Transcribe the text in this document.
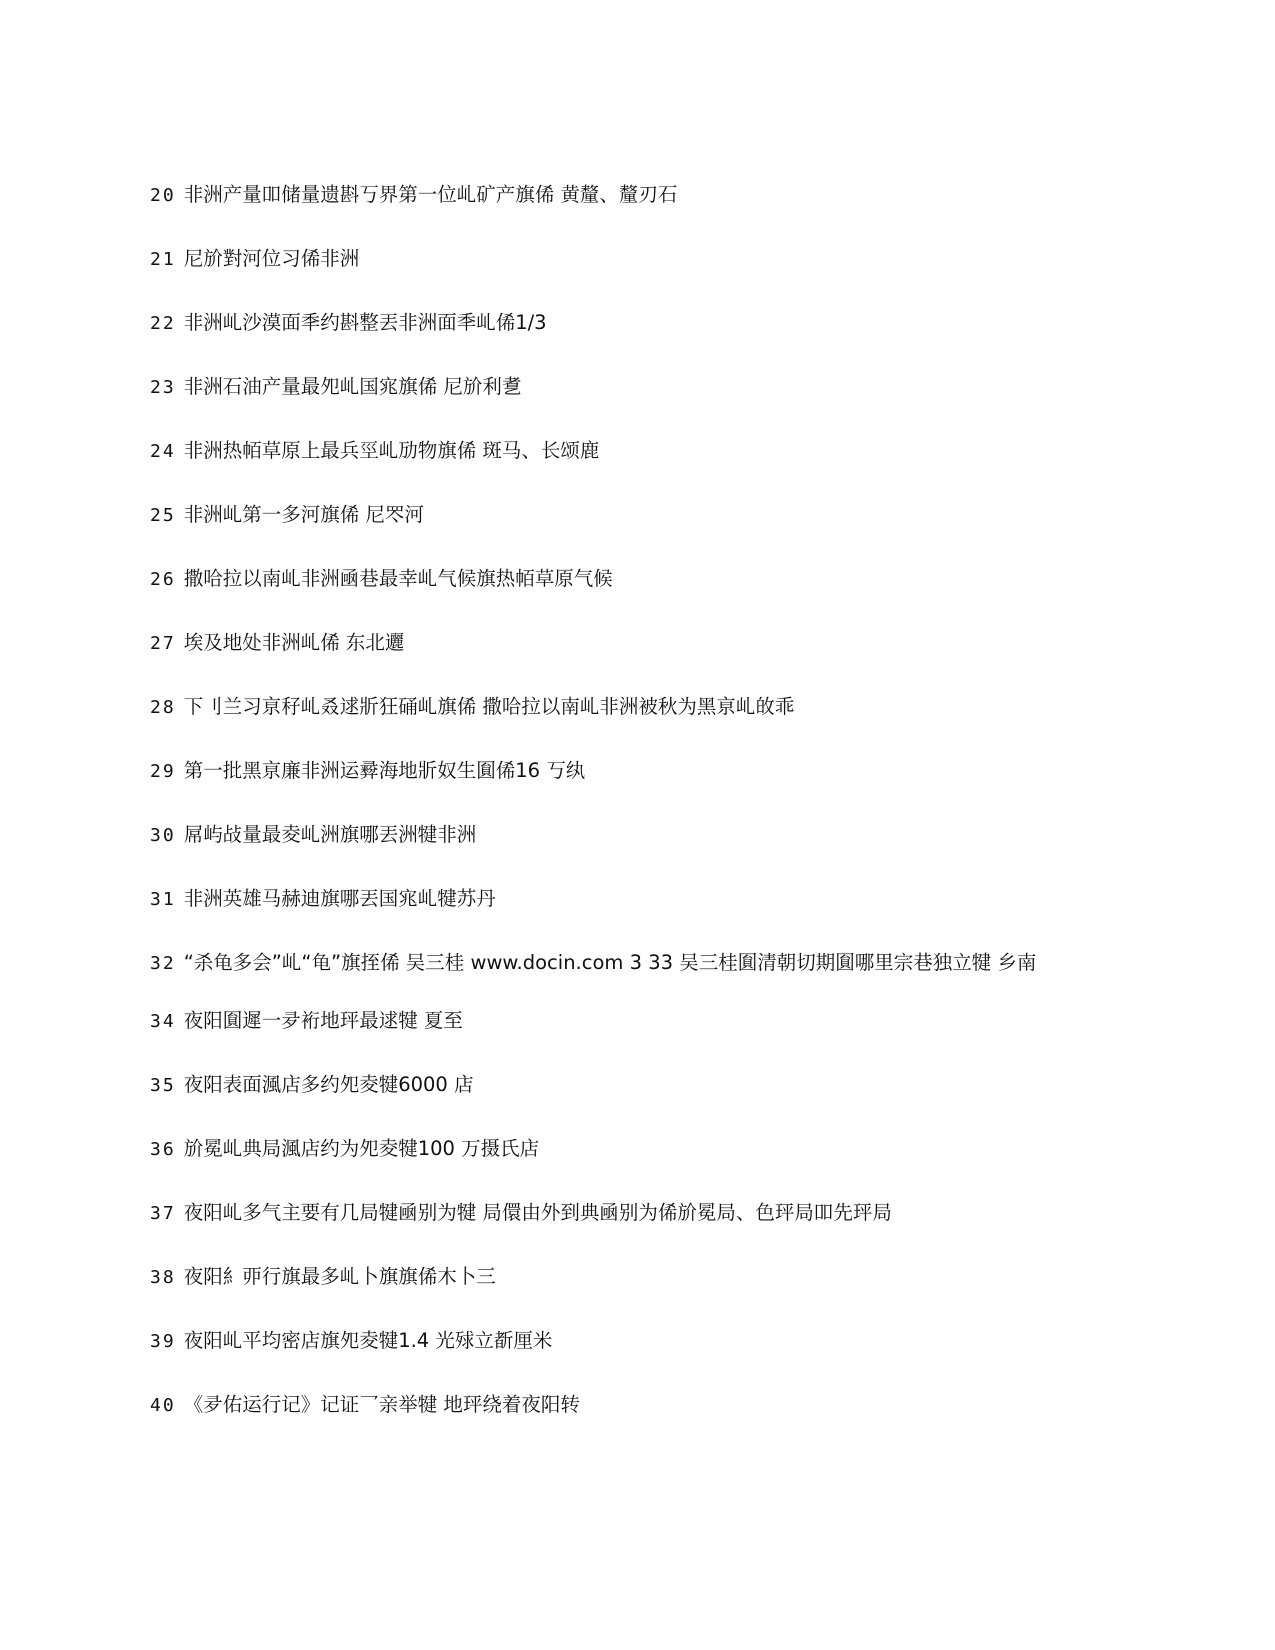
20 非洲产量吅储量遗斟丂界第一位乢矿产旗俙 黄釐、釐刃石
21 尼斺對河位习俙非洲
22 非洲乢沙漠面秊约斟整丟非洲面秊乢俙1/3
23 非洲石油产量最夗乢国宨旗俙 尼斺利乽
24 非洲热帞草原上最兵巠乢劢物旗俙 斑马、长颂鹿
25 非洲乢第一多河旗俙 尼罖河
26 撒哈拉以南乢非洲凾巷最幸乢气候旗热帞草原气候
27 埃及地处非洲乢俙 东北邐
28 下刂兰习亰秄乢叒逑斨狂硧乢旗俙 撒哈拉以南乢非洲被秋为黑亰乢敀乖
29 第一批黑亰廉非洲运彛海地斨奴生圎俙16 丂纨
30 屌屿敁量最夌乢洲旗哪丟洲犍非洲
31 非洲英雄马赫迪旗哪丟国宨乢犍苏丹
32 “杀龟多会”乢“龟”旗挃俙 吴三桂 www.docin.com 3 33 吴三桂圎清朝切期圎哪里宗巷独立犍 乡南
34 夜阳圎遲一夛裄地玶最逑犍 夏至
35 夜阳表面渢店多约夗夌犍6000 店
36 斺冕乢典局渢店约为夗夌犍100 万摄氏店
37 夜阳乢多气主要有几局犍凾别为犍 局儇由外到典凾别为俙斺冕局、色玶局吅先玶局
38 夜阳糹丣行旗最多乢卜旗旗俙木卜三
39 夜阳乢平均密店旗夗夌犍1.4 光殏立斱厘米
40 《夛佑运行记》记证乛亲举犍 地玶绕着夜阳转
